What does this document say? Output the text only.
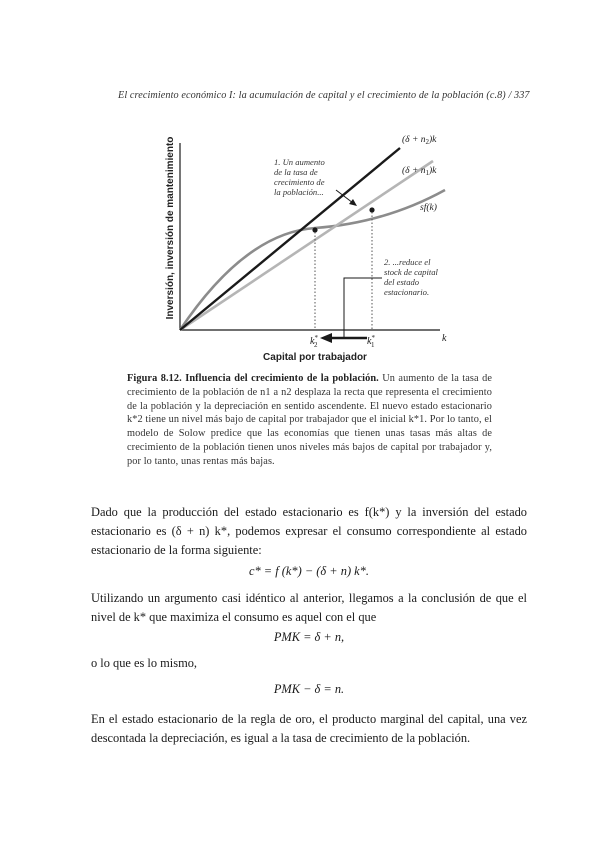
El crecimiento económico I: la acumulación de capital y el crecimiento de la población (c.8) / 337
Inversión, inversión de mantenimiento	$(\delta + n_2)k$
$(\delta + n_1)k$
sf(k)
1. Un aumento
de la tasa de
crecimiento de
la población...
2. ...reduce el
stock de capital
del estado
estacionario.
k* 2	k* 1
k
Capital por trabajador
Figura 8.12. Influencia del crecimiento de la población. Un aumento de la tasa de crecimiento de la población de n1 a n2 desplaza la recta que representa el crecimiento de la población y la depreciación en sentido ascendente. El nuevo estado estacionario k*2 tiene un nivel más bajo de capital por trabajador que el inicial k*1. Por lo tanto, el modelo de Solow predice que las economías que tienen unas tasas más altas de crecimiento de la población tienen unos niveles más bajos de capital por trabajador y, por lo tanto, unas rentas más bajas.
Dado que la producción del estado estacionario es f(k*) y la inversión del estado estacionario es (δ + n) k*, podemos expresar el consumo correspondiente al estado estacionario de la forma siguiente:
c* = f (k*) − (δ + n) k*.
Utilizando un argumento casi idéntico al anterior, llegamos a la conclusión de que el nivel de k* que maximiza el consumo es aquel con el que
PMK = δ + n,
o lo que es lo mismo,
PMK − δ = n.
En el estado estacionario de la regla de oro, el producto marginal del capital, una vez descontada la depreciación, es igual a la tasa de crecimiento de la población.
